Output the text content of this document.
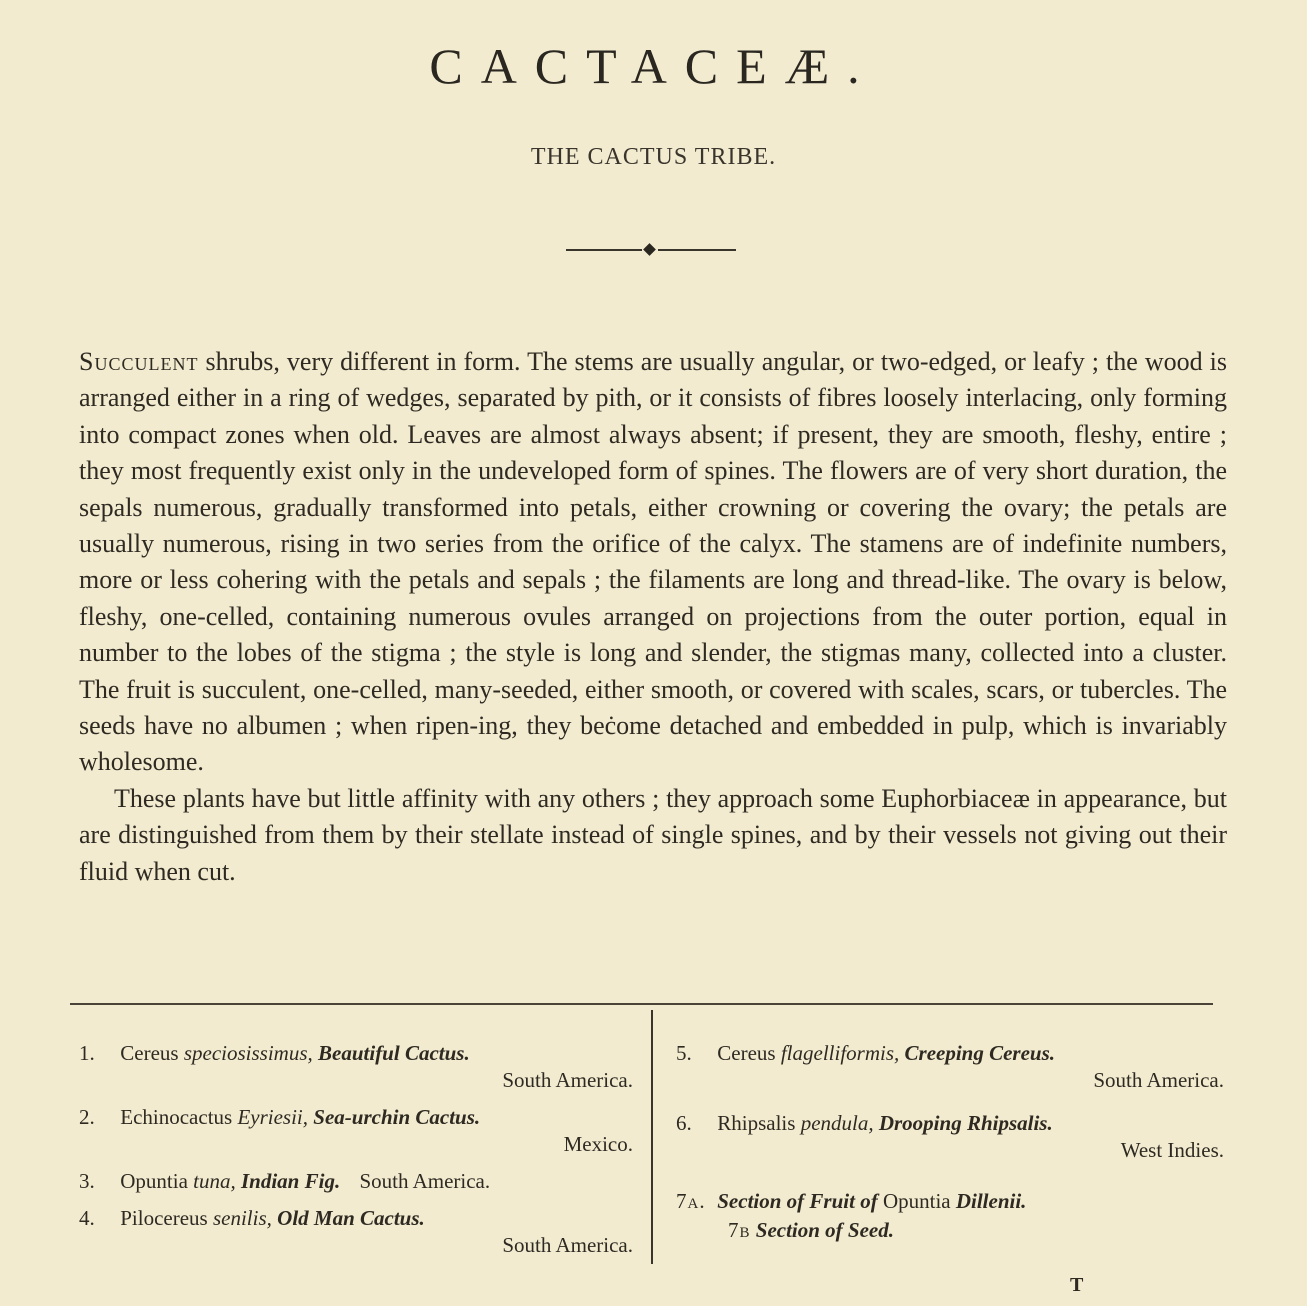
CACTACEÆ.
THE CACTUS TRIBE.

Succulent shrubs, very different in form. The stems are usually angular, or two-edged, or leafy ; the wood is arranged either in a ring of wedges, separated by pith, or it consists of fibres loosely interlacing, only forming into compact zones when old. Leaves are almost always absent; if present, they are smooth, fleshy, entire ; they most frequently exist only in the undeveloped form of spines. The flowers are of very short duration, the sepals numerous, gradually transformed into petals, either crowning or covering the ovary; the petals are usually numerous, rising in two series from the orifice of the calyx. The stamens are of indefinite numbers, more or less cohering with the petals and sepals ; the filaments are long and thread-like. The ovary is below, fleshy, one-celled, containing numerous ovules arranged on projections from the outer portion, equal in number to the lobes of the stigma ; the style is long and slender, the stigmas many, collected into a cluster. The fruit is succulent, one-celled, many-seeded, either smooth, or covered with scales, scars, or tubercles. The seeds have no albumen ; when ripen-ing, they beċome detached and embedded in pulp, which is invariably wholesome.

These plants have but little affinity with any others ; they approach some Euphorbiaceæ in appearance, but are distinguished from them by their stellate instead of single spines, and by their vessels not giving out their fluid when cut.

1. Cereus speciosissimus, Beautiful Cactus.
South America.
2. Echinocactus Eyriesii, Sea-urchin Cactus.
Mexico.
3. Opuntia tuna, Indian Fig. South America.
4. Pilocereus senilis, Old Man Cactus.
South America.
5. Cereus flagelliformis, Creeping Cereus.
South America.
6. Rhipsalis pendula, Drooping Rhipsalis.
West Indies.
7a. Section of Fruit of Opuntia Dillenii.
7b Section of Seed.
T
